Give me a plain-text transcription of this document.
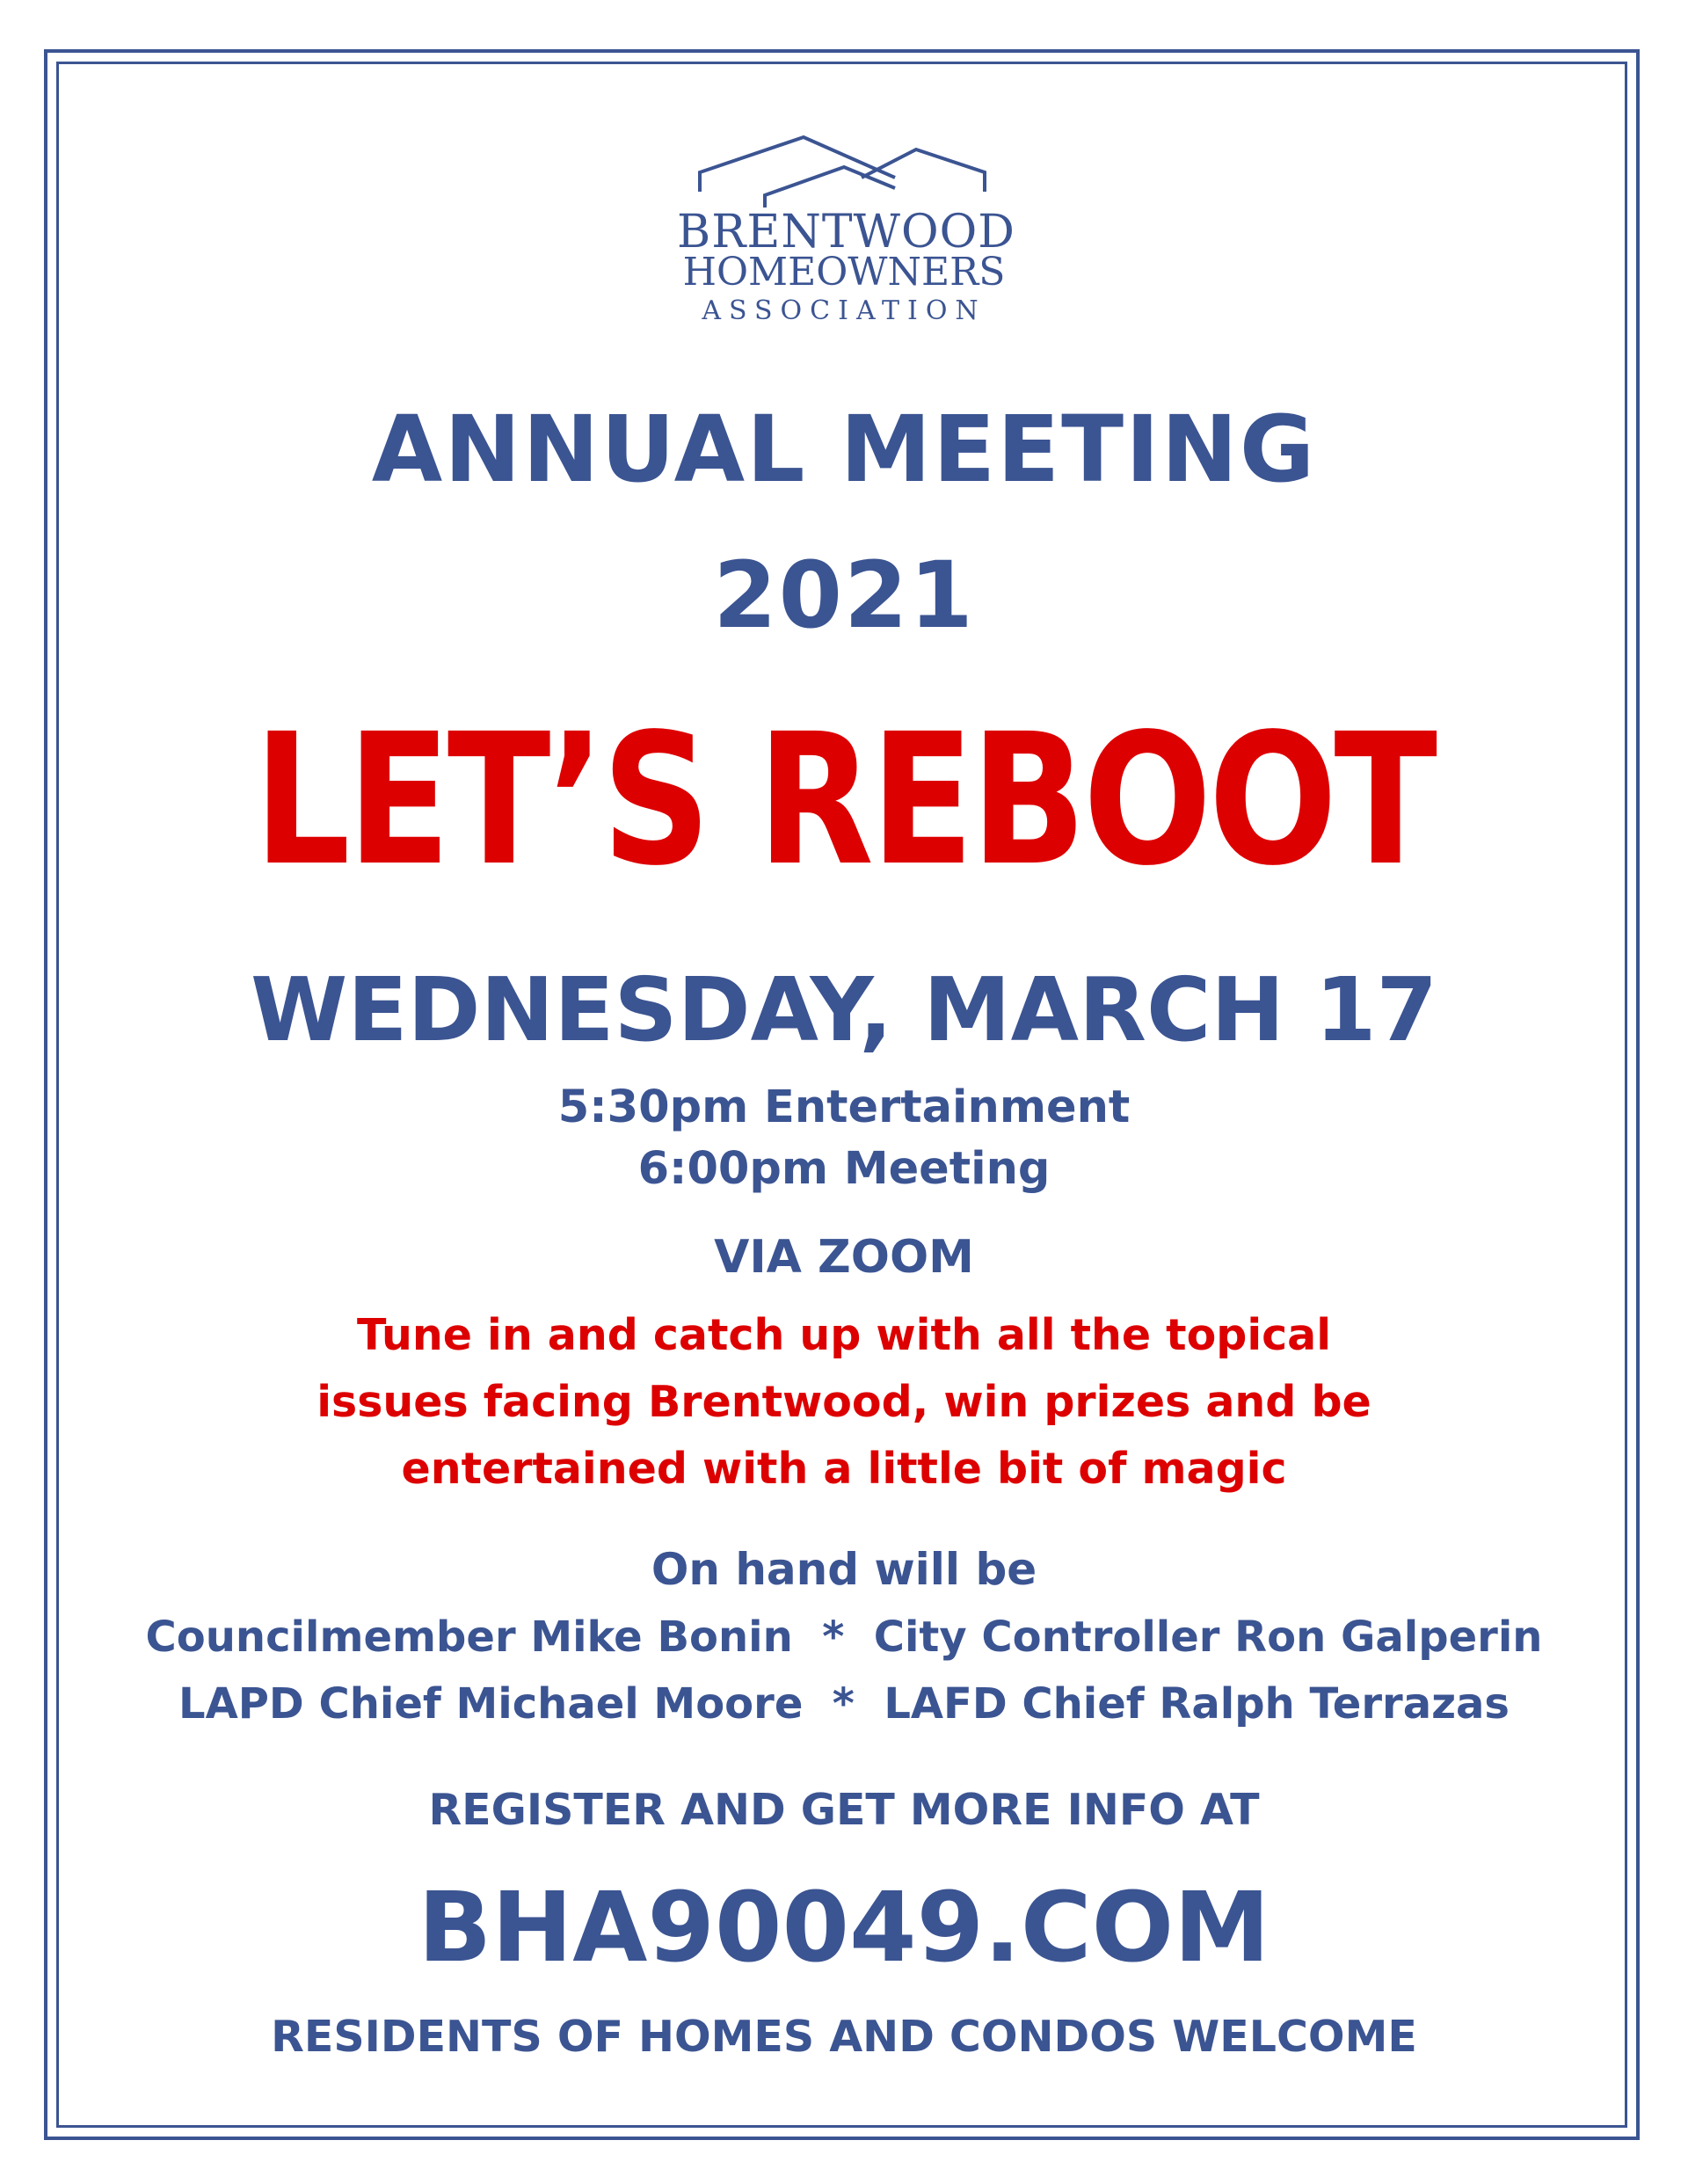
BRENTWOOD
HOMEOWNERS
ASSOCIATION
ANNUAL MEETING
2021
LET’S REBOOT
WEDNESDAY, MARCH 17
5:30pm Entertainment
6:00pm Meeting
VIA ZOOM
Tune in and catch up with all the topical
issues facing Brentwood, win prizes and be
entertained with a little bit of magic
On hand will be
Councilmember Mike Bonin  *  City Controller Ron Galperin
LAPD Chief Michael Moore  *  LAFD Chief Ralph Terrazas
REGISTER AND GET MORE INFO AT
BHA90049.COM
RESIDENTS OF HOMES AND CONDOS WELCOME
